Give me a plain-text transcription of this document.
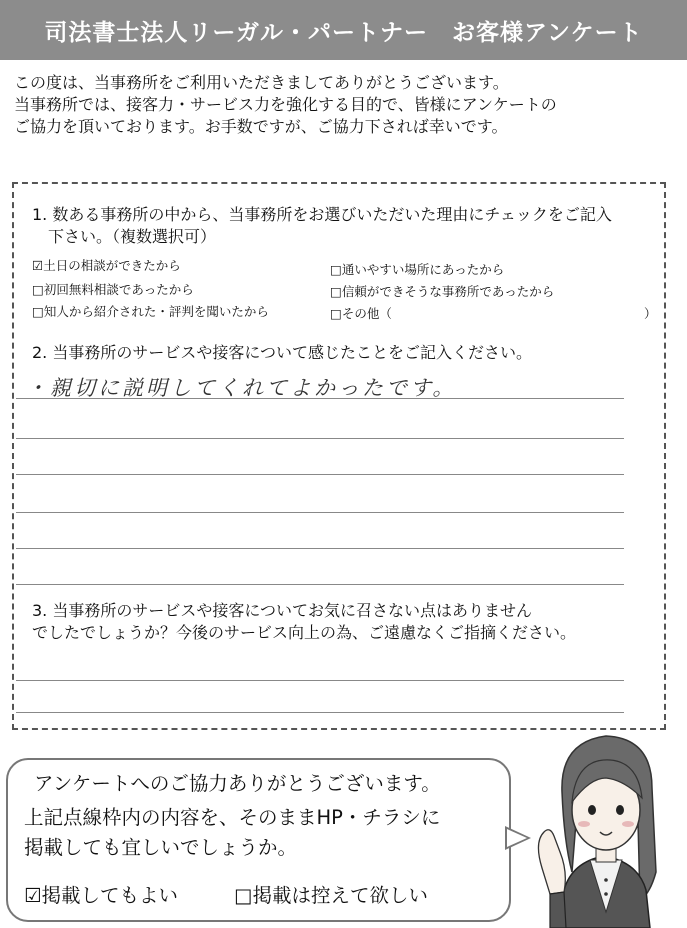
司法書士法人リーガル・パートナー　お客様アンケート
この度は、当事務所をご利用いただきましてありがとうございます。
当事務所では、接客力・サービス力を強化する目的で、皆様にアンケートの
ご協力を頂いております。お手数ですが、ご協力下されば幸いです。
1. 数ある事務所の中から、当事務所をお選びいただいた理由にチェックをご記入
　下さい。（複数選択可）
☑土日の相談ができたから	□通いやすい場所にあったから
□初回無料相談であったから	□信頼ができそうな事務所であったから
□知人から紹介された・評判を聞いたから	□その他（	）
2. 当事務所のサービスや接客について感じたことをご記入ください。
・親切に説明してくれてよかったです。
3. 当事務所のサービスや接客についてお気に召さない点はありません
でしたでしょうか？今後のサービス向上の為、ご遠慮なくご指摘ください。
アンケートへのご協力ありがとうございます。
上記点線枠内の内容を、そのままHP・チラシに
掲載しても宜しいでしょうか。
☑掲載してもよい	□掲載は控えて欲しい
